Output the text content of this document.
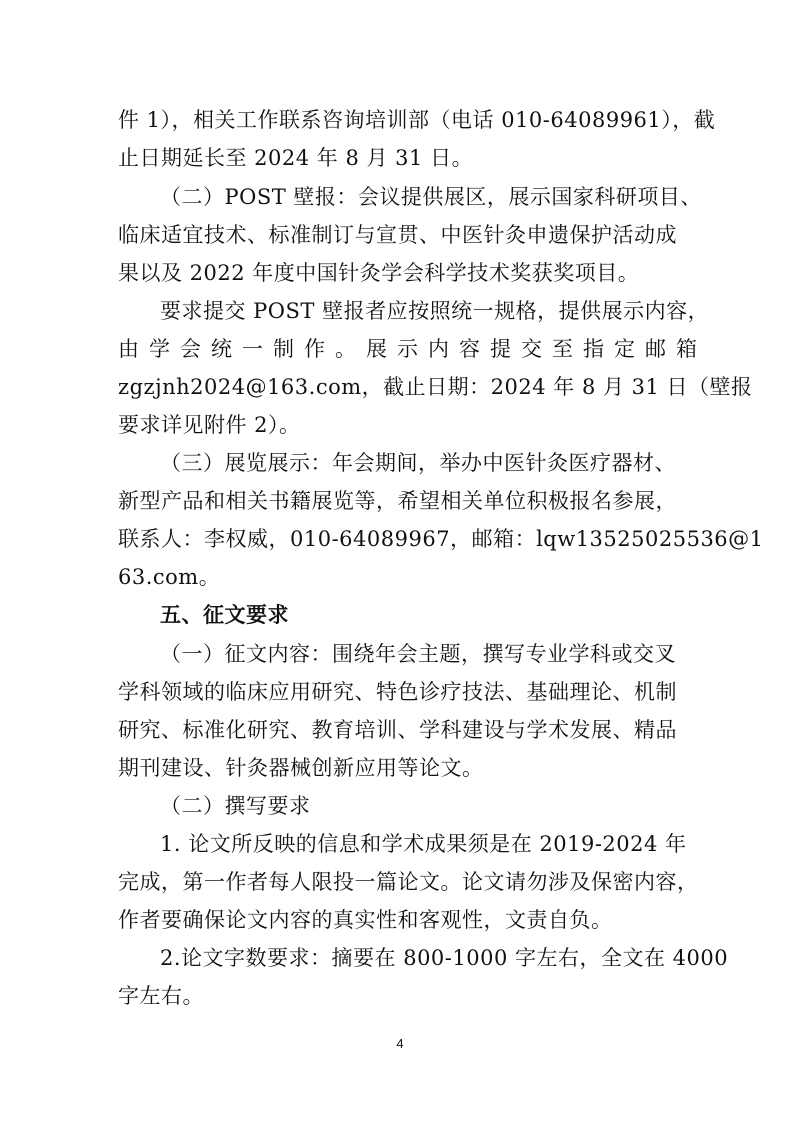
件 1），相关工作联系咨询培训部（电话 010-64089961），截
止日期延长至 2024 年 8 月 31 日。
（二）POST 壁报：会议提供展区，展示国家科研项目、
临床适宜技术、标准制订与宣贯、中医针灸申遗保护活动成
果以及 2022 年度中国针灸学会科学技术奖获奖项目。
要求提交 POST 壁报者应按照统一规格，提供展示内容，
由学会统一制作。展示内容提交至指定邮箱
zgzjnh2024@163.com，截止日期：2024 年 8 月 31 日（壁报
要求详见附件 2）。
（三）展览展示：年会期间，举办中医针灸医疗器材、
新型产品和相关书籍展览等，希望相关单位积极报名参展，
联系人：李权威，010-64089967，邮箱：lqw13525025536@1
63.com。
五、征文要求
（一）征文内容：围绕年会主题，撰写专业学科或交叉
学科领域的临床应用研究、特色诊疗技法、基础理论、机制
研究、标准化研究、教育培训、学科建设与学术发展、精品
期刊建设、针灸器械创新应用等论文。
（二）撰写要求
1. 论文所反映的信息和学术成果须是在 2019-2024 年
完成，第一作者每人限投一篇论文。论文请勿涉及保密内容，
作者要确保论文内容的真实性和客观性，文责自负。
2.论文字数要求：摘要在 800-1000 字左右，全文在 4000
字左右。
4
